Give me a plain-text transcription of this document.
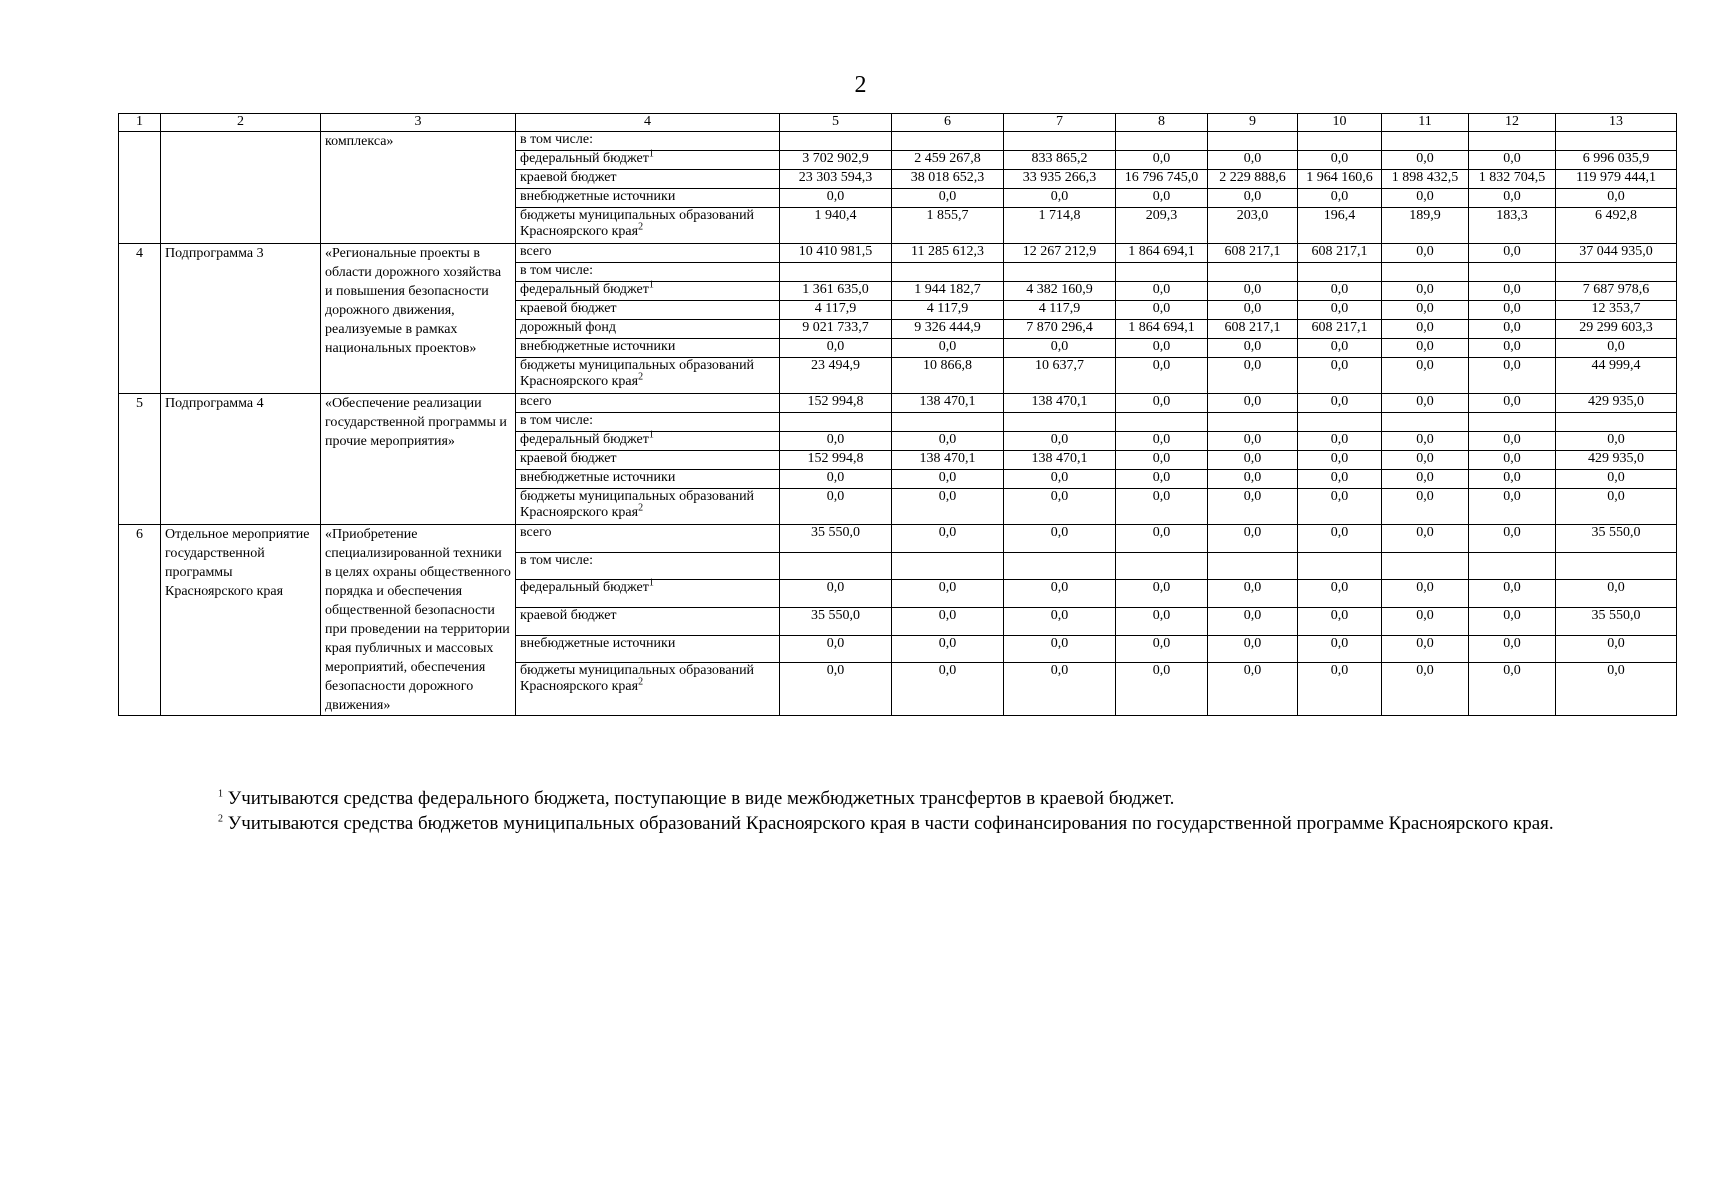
2
1	2	3	4	5	6	7	8	9	10	11	12	13
		комплекса»	в том числе:									
			федеральный бюджет$^1$	3 702 902,9	2 459 267,8	833 865,2	0,0	0,0	0,0	0,0	0,0	6 996 035,9
			краевой бюджет	23 303 594,3	38 018 652,3	33 935 266,3	16 796 745,0	2 229 888,6	1 964 160,6	1 898 432,5	1 832 704,5	119 979 444,1
			внебюджетные источники	0,0	0,0	0,0	0,0	0,0	0,0	0,0	0,0	0,0
			бюджеты муниципальных образований Красноярского края$^2$	1 940,4	1 855,7	1 714,8	209,3	203,0	196,4	189,9	183,3	6 492,8
4	Подпрограмма 3	«Региональные проекты в области дорожного хозяйства и повышения безопасности дорожного движения, реализуемые в рамках национальных проектов»	всего	10 410 981,5	11 285 612,3	12 267 212,9	1 864 694,1	608 217,1	608 217,1	0,0	0,0	37 044 935,0
			в том числе:									
			федеральный бюджет$^1$	1 361 635,0	1 944 182,7	4 382 160,9	0,0	0,0	0,0	0,0	0,0	7 687 978,6
			краевой бюджет	4 117,9	4 117,9	4 117,9	0,0	0,0	0,0	0,0	0,0	12 353,7
			дорожный фонд	9 021 733,7	9 326 444,9	7 870 296,4	1 864 694,1	608 217,1	608 217,1	0,0	0,0	29 299 603,3
			внебюджетные источники	0,0	0,0	0,0	0,0	0,0	0,0	0,0	0,0	0,0
			бюджеты муниципальных образований Красноярского края$^2$	23 494,9	10 866,8	10 637,7	0,0	0,0	0,0	0,0	0,0	44 999,4
5	Подпрограмма 4	«Обеспечение реализации государственной программы и прочие мероприятия»	всего	152 994,8	138 470,1	138 470,1	0,0	0,0	0,0	0,0	0,0	429 935,0
			в том числе:									
			федеральный бюджет$^1$	0,0	0,0	0,0	0,0	0,0	0,0	0,0	0,0	0,0
			краевой бюджет	152 994,8	138 470,1	138 470,1	0,0	0,0	0,0	0,0	0,0	429 935,0
			внебюджетные источники	0,0	0,0	0,0	0,0	0,0	0,0	0,0	0,0	0,0
			бюджеты муниципальных образований Красноярского края$^2$	0,0	0,0	0,0	0,0	0,0	0,0	0,0	0,0	0,0
6	Отдельное мероприятие государственной программы Красноярского края	«Приобретение специализированной техники в целях охраны общественного порядка и обеспечения общественной безопасности при проведении на территории края публичных и массовых мероприятий, обеспечения безопасности дорожного движения»	всего	35 550,0	0,0	0,0	0,0	0,0	0,0	0,0	0,0	35 550,0
			в том числе:									
			федеральный бюджет$^1$	0,0	0,0	0,0	0,0	0,0	0,0	0,0	0,0	0,0
			краевой бюджет	35 550,0	0,0	0,0	0,0	0,0	0,0	0,0	0,0	35 550,0
			внебюджетные источники	0,0	0,0	0,0	0,0	0,0	0,0	0,0	0,0	0,0
			бюджеты муниципальных образований Красноярского края$^2$	0,0	0,0	0,0	0,0	0,0	0,0	0,0	0,0	0,0
$^1$ Учитываются средства федерального бюджета, поступающие в виде межбюджетных трансфертов в краевой бюджет.
$^2$ Учитываются средства бюджетов муниципальных образований Красноярского края в части софинансирования по государственной программе Красноярского края.
